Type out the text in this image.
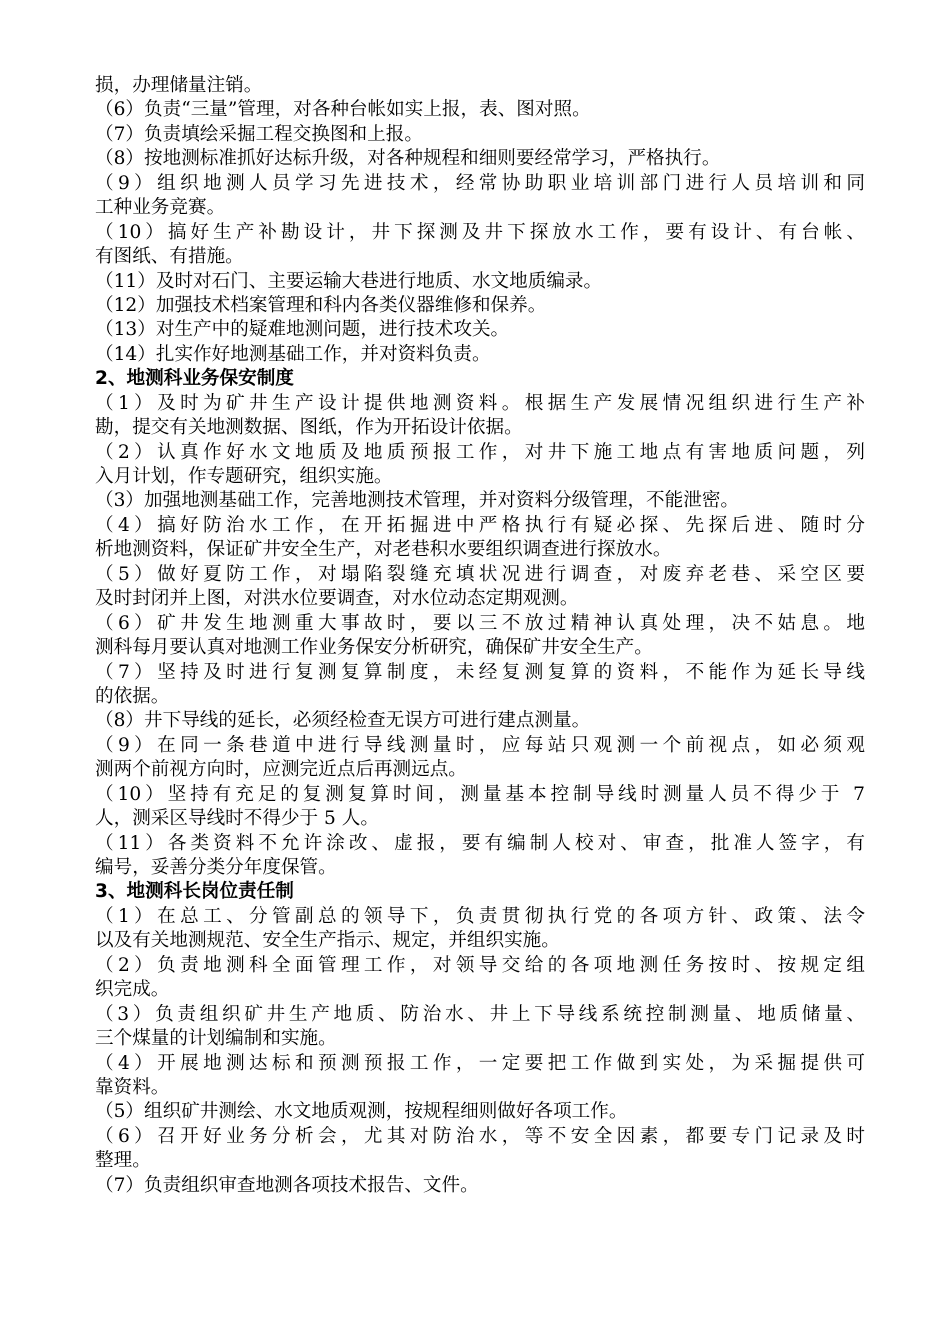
损，办理储量注销。
（6）负责“三量”管理，对各种台帐如实上报，表、图对照。
（7）负责填绘采掘工程交换图和上报。
（8）按地测标准抓好达标升级，对各种规程和细则要经常学习，严格执行。
（9）组织地测人员学习先进技术，经常协助职业培训部门进行人员培训和同
工种业务竞赛。
（10）搞好生产补勘设计，井下探测及井下探放水工作，要有设计、有台帐、
有图纸、有措施。
（11）及时对石门、主要运输大巷进行地质、水文地质编录。
（12）加强技术档案管理和科内各类仪器维修和保养。
（13）对生产中的疑难地测问题，进行技术攻关。
（14）扎实作好地测基础工作，并对资料负责。
2、地测科业务保安制度
（1）及时为矿井生产设计提供地测资料。根据生产发展情况组织进行生产补
勘，提交有关地测数据、图纸，作为开拓设计依据。
（2）认真作好水文地质及地质预报工作，对井下施工地点有害地质问题，列
入月计划，作专题研究，组织实施。
（3）加强地测基础工作，完善地测技术管理，并对资料分级管理，不能泄密。
（4）搞好防治水工作，在开拓掘进中严格执行有疑必探、先探后进、随时分
析地测资料，保证矿井安全生产，对老巷积水要组织调查进行探放水。
（5）做好夏防工作，对塌陷裂缝充填状况进行调查，对废弃老巷、采空区要
及时封闭并上图，对洪水位要调查，对水位动态定期观测。
（6）矿井发生地测重大事故时，要以三不放过精神认真处理，决不姑息。地
测科每月要认真对地测工作业务保安分析研究，确保矿井安全生产。
（7）坚持及时进行复测复算制度，未经复测复算的资料，不能作为延长导线
的依据。
（8）井下导线的延长，必须经检查无误方可进行建点测量。
（9）在同一条巷道中进行导线测量时，应每站只观测一个前视点，如必须观
测两个前视方向时，应测完近点后再测远点。
（10）坚持有充足的复测复算时间，测量基本控制导线时测量人员不得少于 7
人，测采区导线时不得少于 5 人。
（11）各类资料不允许涂改、虚报，要有编制人校对、审查，批准人签字，有
编号，妥善分类分年度保管。
3、地测科长岗位责任制
（1）在总工、分管副总的领导下，负责贯彻执行党的各项方针、政策、法令
以及有关地测规范、安全生产指示、规定，并组织实施。
（2）负责地测科全面管理工作，对领导交给的各项地测任务按时、按规定组
织完成。
（3）负责组织矿井生产地质、防治水、井上下导线系统控制测量、地质储量、
三个煤量的计划编制和实施。
（4）开展地测达标和预测预报工作，一定要把工作做到实处，为采掘提供可
靠资料。
（5）组织矿井测绘、水文地质观测，按规程细则做好各项工作。
（6）召开好业务分析会，尤其对防治水，等不安全因素，都要专门记录及时
整理。
（7）负责组织审查地测各项技术报告、文件。
